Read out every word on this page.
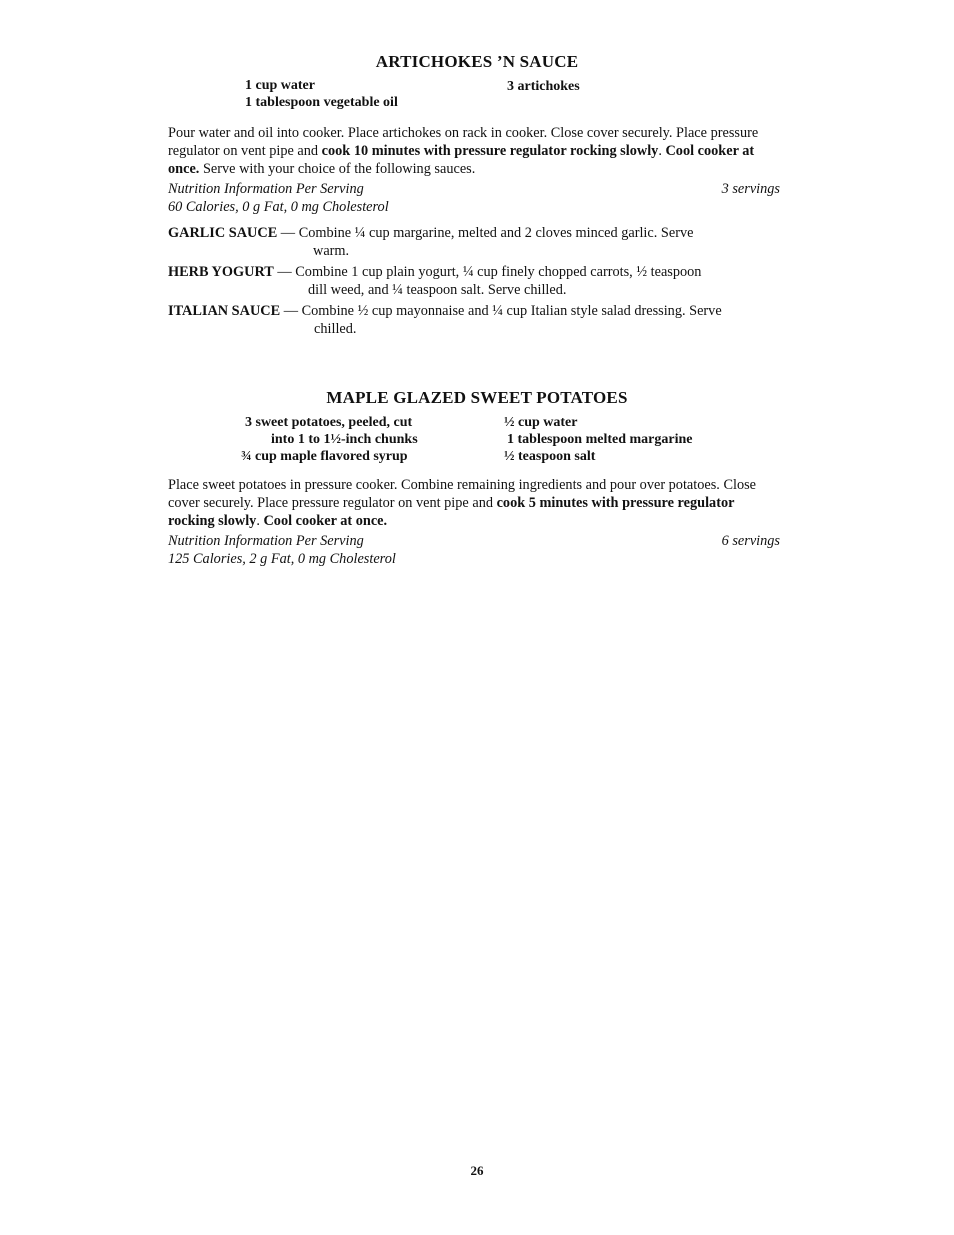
ARTICHOKES ’N SAUCE
1 cup water
1 tablespoon vegetable oil
3 artichokes
Pour water and oil into cooker. Place artichokes on rack in cooker. Close cover securely. Place pressure regulator on vent pipe and cook 10 minutes with pressure regulator rocking slowly. Cool cooker at once. Serve with your choice of the following sauces.
Nutrition Information Per Serving	3 servings
60 Calories, 0 g Fat, 0 mg Cholesterol
GARLIC SAUCE — Combine ¼ cup margarine, melted and 2 cloves minced garlic. Serve
warm.
HERB YOGURT — Combine 1 cup plain yogurt, ¼ cup finely chopped carrots, ½ teaspoon
dill weed, and ¼ teaspoon salt. Serve chilled.
ITALIAN SAUCE — Combine ½ cup mayonnaise and ¼ cup Italian style salad dressing. Serve
chilled.
MAPLE GLAZED SWEET POTATOES
3 sweet potatoes, peeled, cut
into 1 to 1½-inch chunks
¾ cup maple flavored syrup
½ cup water
1 tablespoon melted margarine
½ teaspoon salt
Place sweet potatoes in pressure cooker. Combine remaining ingredients and pour over potatoes. Close cover securely. Place pressure regulator on vent pipe and cook 5 minutes with pressure regulator rocking slowly. Cool cooker at once.
Nutrition Information Per Serving	6 servings
125 Calories, 2 g Fat, 0 mg Cholesterol
26
